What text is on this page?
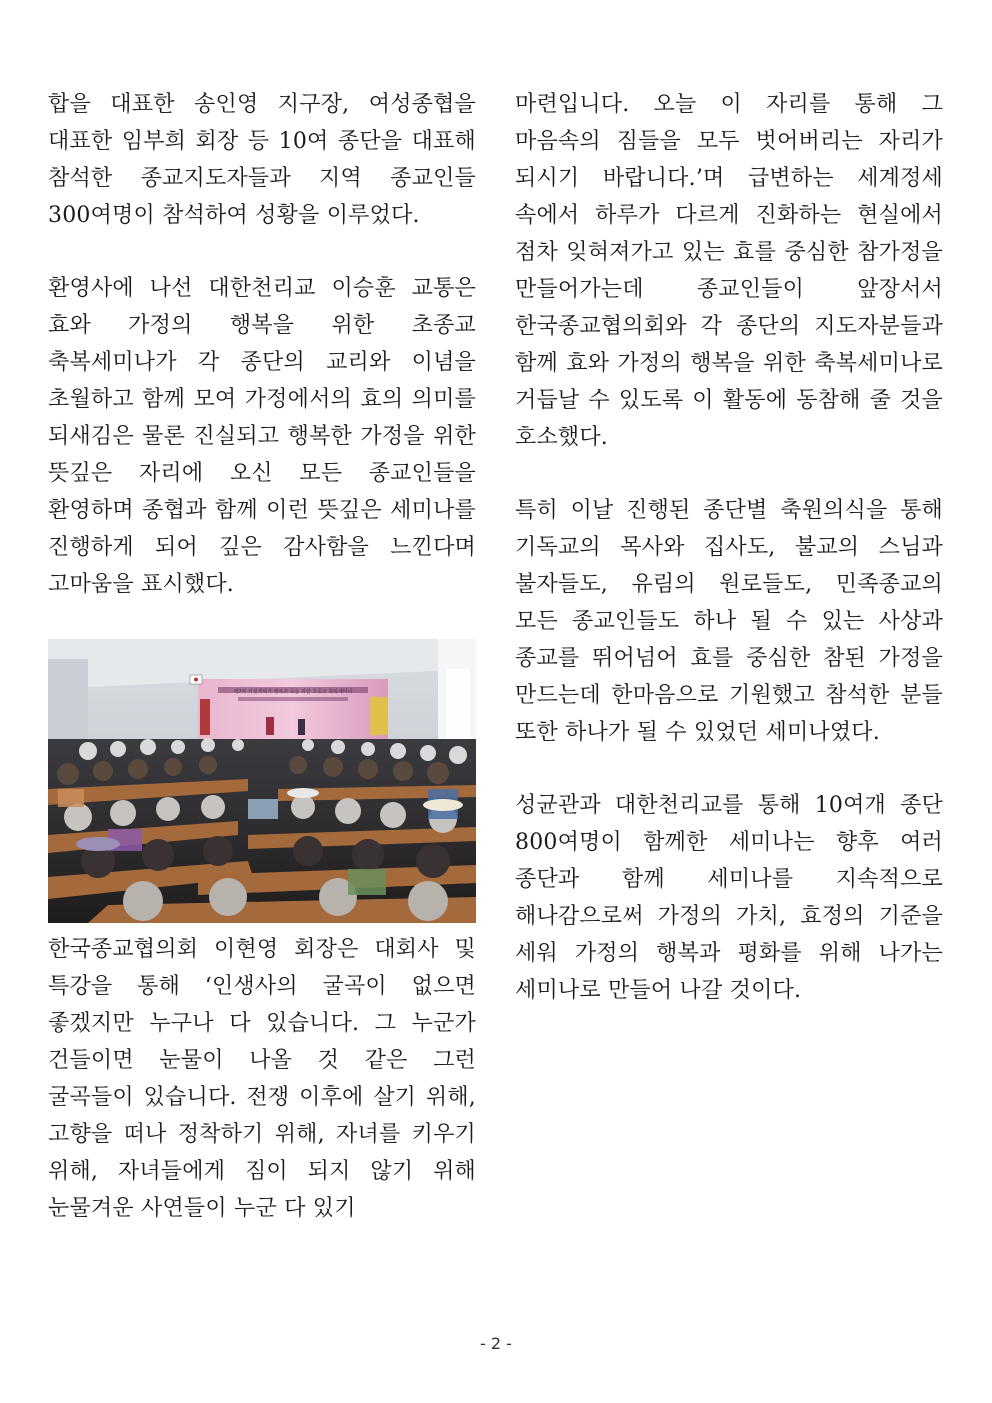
합을 대표한 송인영 지구장, 여성종협을 대표한 임부희 회장 등 10여 종단을 대표해 참석한 종교지도자들과 지역 종교인들 300여명이 참석하여 성황을 이루었다.

환영사에 나선 대한천리교 이승훈 교통은 효와 가정의 행복을 위한 초종교 축복세미나가 각 종단의 교리와 이념을 초월하고 함께 모여 가정에서의 효의 의미를 되새김은 물론 진실되고 행복한 가정을 위한 뜻깊은 자리에 오신 모든 종교인들을 환영하며 종협과 함께 이런 뜻깊은 세미나를 진행하게 되어 깊은 감사함을 느낀다며 고마움을 표시했다.

제7차 가정개혁가 행복과 효를 위한 초종교 축복세미나

한국종교협의회 이현영 회장은 대회사 및 특강을 통해 ‘인생사의 굴곡이 없으면 좋겠지만 누구나 다 있습니다. 그 누군가 건들이면 눈물이 나올 것 같은 그런 굴곡들이 있습니다. 전쟁 이후에 살기 위해, 고향을 떠나 정착하기 위해, 자녀를 키우기 위해, 자녀들에게 짐이 되지 않기 위해 눈물겨운 사연들이 누군 다 있기

마련입니다. 오늘 이 자리를 통해 그 마음속의 짐들을 모두 벗어버리는 자리가 되시기 바랍니다.’며 급변하는 세계정세 속에서 하루가 다르게 진화하는 현실에서 점차 잊혀져가고 있는 효를 중심한 참가정을 만들어가는데 종교인들이 앞장서서 한국종교협의회와 각 종단의 지도자분들과 함께 효와 가정의 행복을 위한 축복세미나로 거듭날 수 있도록 이 활동에 동참해 줄 것을 호소했다.

특히 이날 진행된 종단별 축원의식을 통해 기독교의 목사와 집사도, 불교의 스님과 불자들도, 유림의 원로들도, 민족종교의 모든 종교인들도 하나 될 수 있는 사상과 종교를 뛰어넘어 효를 중심한 참된 가정을 만드는데 한마음으로 기원했고 참석한 분들 또한 하나가 될 수 있었던 세미나였다.

성균관과 대한천리교를 통해 10여개 종단 800여명이 함께한 세미나는 향후 여러 종단과 함께 세미나를 지속적으로 해나감으로써 가정의 가치, 효정의 기준을 세워 가정의 행복과 평화를 위해 나가는 세미나로 만들어 나갈 것이다.

- 2 -
